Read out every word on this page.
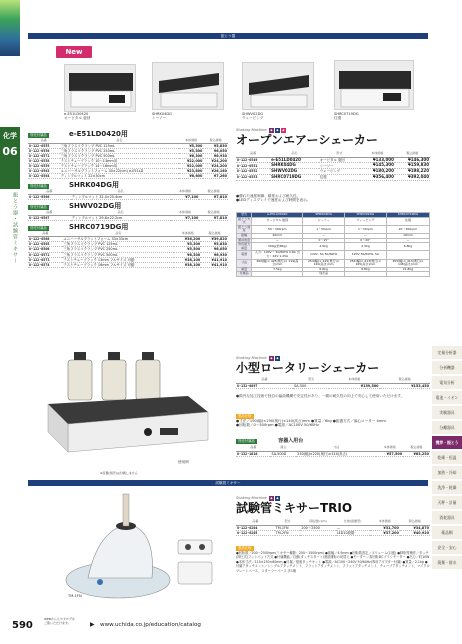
化学
06
振とう器・試験管ミキサー
定量分析器
分析機器
電気分析
電池・イオン
実験器具
分離器具
撹拌・振とう
乾燥・恒温
加熱・冷却
洗浄・乾燥
天秤・計量
消耗器具
薬品類
安全・安心
廃棄・排水
振とう器
New
e-E51LD0420
オービタル 旋回
SHRK04DG
シーソー
SHWV02DG
ウェービング
SHRC0719DG
往復
別売付属品	e-E51LD0420用
品番	品名	本体価格	税込価格
8-122-0555	三角フラスコクランプ PVC 125mL	¥5,300	¥5,830
8-122-0556	三角フラスコクランプ PVC 250mL	¥5,500	¥6,050
8-122-0571	三角フラスコクランプ PVC 500mL	¥6,300	¥6,930
8-122-0558	テストチューブラック 10〜13mm用	¥22,000	¥24,200
8-122-0559	テストチューブラック 14〜16mm用	¥22,000	¥24,200
8-122-0563	ユニバーサルプラットフォーム 30×22(cm) e-E51LD	¥23,800	¥26,180
8-122-0564	ディンプルマット 22×30cm	¥6,600	¥7,260
別売付属品	SHRK04DG用
品番	品名	本体価格	税込価格
8-122-0566	ディンプルマット 32.4×25.4cm	¥7,100	¥7,810
別売付属品	SHWV02DG用
品番	品名	本体価格	税込価格
8-122-0567	ディンプルマット 29.8×22.2cm	¥7,100	¥7,810
別売付属品	SHRC0719DG用
品番	品名	本体価格	税込価格
8-122-0568	ユニバーサルプラットフォーム 33×33cm	¥36,200	¥39,820
8-122-0505	三角フラスコクランプ PVC 125mL	¥5,300	¥5,830
8-122-0506	三角フラスコクランプ PVC 250mL	¥5,500	¥6,050
8-122-0571	三角フラスコクランプ PVC 500mL	¥6,300	¥6,930
8-122-0573	テストチューブラック 13mm フルサイズ 可動	¥38,100	¥41,910
8-122-0574	テストチューブラック 16mm フルサイズ 可動	¥38,100	¥41,910
Shaking Machine ◆ ◆ ◆
オープンエアーシェーカー
品番	品名	形式	本体価格	税込価格
8-122-0549	e-E51LD0420	オービタル 旋回	¥133,000	¥146,300
8-122-0551	SHRK04DG	シーソー	¥145,300	¥159,830
8-122-0552	SHWV02DG	ウェービング	¥180,200	¥198,220
8-122-0553	SHRC0719DG	往復	¥356,400	¥392,040
●優れた速度制御、精度および耐久性。
●LEDディスプレイで速度および時間を表示。
型式	e-E51LD0420	SHRK04DG	SHWV02DG	SHRC0719DG
振とう方式	オービタル 旋回	シーソー	ウェービング	往復
振とう速度	50〜300rpm	1〜50rpm	1〜30rpm	20〜300rpm
振幅	20mm	—	—	19mm
傾斜角度	—	0〜15°	0〜20°	—
許容最大重量	300g(約8Kg)	4.5kg	2.3kg	6.8kg
電源	入力：100V〜 50/60Hz 0.8A 出力：24V 1.25A	120V, 5A 50/60Hz	120V 50/60Hz, 5A	
寸法	262(幅)× 425(奥行)× 119(高さ)mm	254(幅)× 425(奥行)× 140(高さ)mm	254(幅)× 413(奥行)× 165(高さ)mm	355(幅)× 413(奥行)× 148(高さ)mm
重量	7.5kg	6.6kg	6.8kg	21.8kg
付属品		別売品		
使用例
※容器(別売)は付属しません
Shaking Machine ◆ ◆
小型ロータリーシェーカー
品番	型式	本体価格	税込価格
8-132-0097	SA-500	¥139,500	¥153,450
●微円な加工技術で独自の偏曲機構で安定性があり、一層の耐久性の向上で安心して使用いただけます。
製品仕様
●寸法／190(幅)×190(奥行)×140(高さ)mm ●質量／6kg ●振盪方式／偏心ローター 4mm
●回転数／0〜500rpm ●電源／AC100V 50/60Hz
別売付属品	容器入用台
品番	適合	寸法	本体価格	税込価格
8-132-1010	SA-500D	250(幅)×220(奥行)×110(高さ)	¥57,500	¥63,250
試験管ミキサー
TM-1FN
Shaking Machine ◆ ◆
試験管ミキサーTRIO
品番	型式	回転数(rpm)	仕様(振動型)	本体価格	税込価格
8-122-0204	TM-1FN	200〜2500	—	¥31,700	¥34,870
8-122-0205	TM-2FN		LED10段階	¥37,200	¥40,920
製品仕様
●回転数／200〜2500rpm(ミキサー種類：200〜1500rpm) ●振幅／4.5mm ●回転数設定／ボリューム(目盛) ●移転等操作／タッチ(押圧式)フットパッド方式 ●付属機能／自動(タッチスタート)連続運転の切替え ●モーター／高回転DCブラシモーター ●出力／約10W ●本体寸法／115×230×60mm ●付属／壁面タッチキット ●電源／AC100〜240V 50/60Hz(専用アダプター付属) ●質量／2.1kg ●付属アタッチメント／シングルアタッチメント、フラットアタッチメント、フラットアタッチメント、チューブアタッチメント、マイクロプレートベース、スターラーベース 多1個
590
WEBからもカタログを
ご覧いただけます。	▶ www.uchida.co.jp/education/catalog
